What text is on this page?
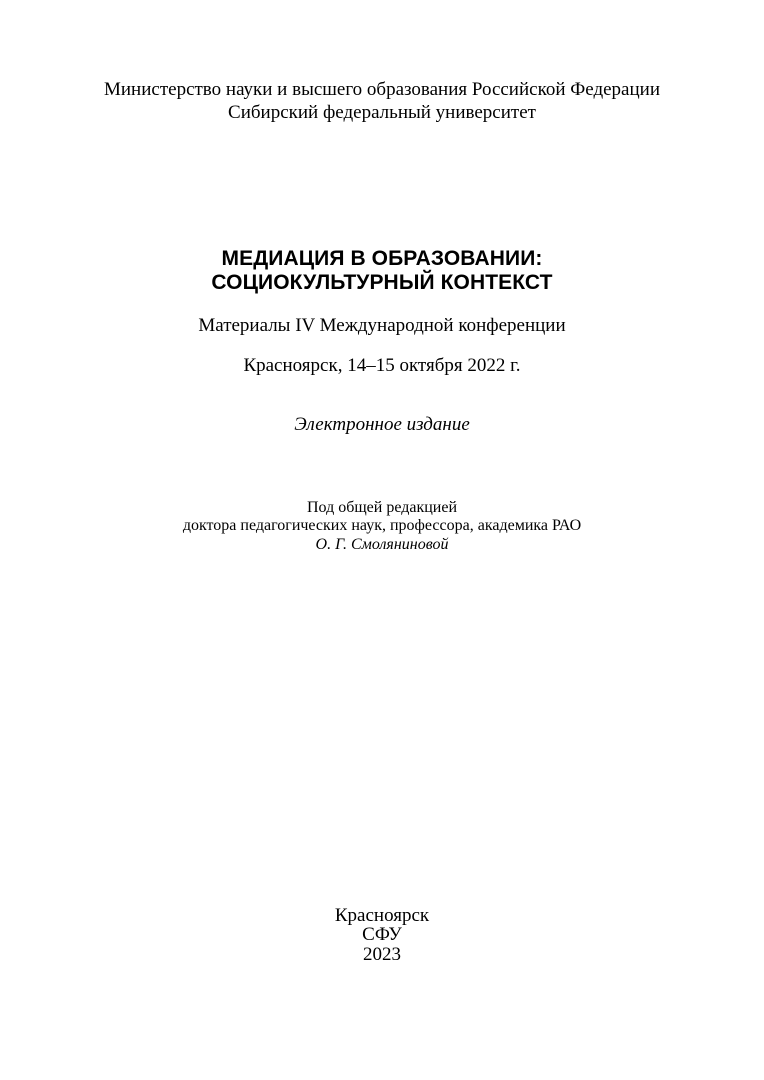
Министерство науки и высшего образования Российской Федерации
Сибирский федеральный университет
МЕДИАЦИЯ В ОБРАЗОВАНИИ:
СОЦИОКУЛЬТУРНЫЙ КОНТЕКСТ
Материалы IV Международной конференции
Красноярск, 14–15 октября 2022 г.
Электронное издание
Под общей редакцией
доктора педагогических наук, профессора, академика РАО
О. Г. Смоляниновой
Красноярск
СФУ
2023
